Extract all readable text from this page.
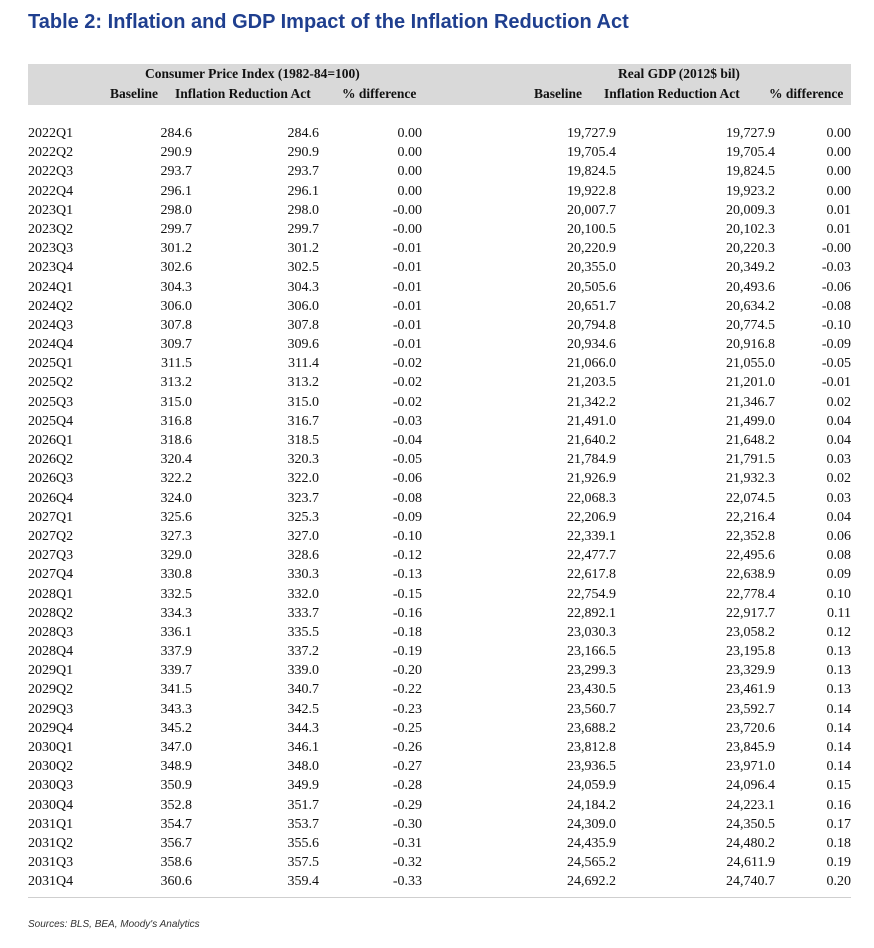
Table 2: Inflation and GDP Impact of the Inflation Reduction Act
Consumer Price Index (1982-84=100)	Real GDP (2012$ bil)
Baseline Inflation Reduction Act % difference	Baseline Inflation Reduction Act % difference
2022Q1	284.6	284.6	0.00	19,727.9	19,727.9	0.00
2022Q2	290.9	290.9	0.00	19,705.4	19,705.4	0.00
2022Q3	293.7	293.7	0.00	19,824.5	19,824.5	0.00
2022Q4	296.1	296.1	0.00	19,922.8	19,923.2	0.00
2023Q1	298.0	298.0	-0.00	20,007.7	20,009.3	0.01
2023Q2	299.7	299.7	-0.00	20,100.5	20,102.3	0.01
2023Q3	301.2	301.2	-0.01	20,220.9	20,220.3	-0.00
2023Q4	302.6	302.5	-0.01	20,355.0	20,349.2	-0.03
2024Q1	304.3	304.3	-0.01	20,505.6	20,493.6	-0.06
2024Q2	306.0	306.0	-0.01	20,651.7	20,634.2	-0.08
2024Q3	307.8	307.8	-0.01	20,794.8	20,774.5	-0.10
2024Q4	309.7	309.6	-0.01	20,934.6	20,916.8	-0.09
2025Q1	311.5	311.4	-0.02	21,066.0	21,055.0	-0.05
2025Q2	313.2	313.2	-0.02	21,203.5	21,201.0	-0.01
2025Q3	315.0	315.0	-0.02	21,342.2	21,346.7	0.02
2025Q4	316.8	316.7	-0.03	21,491.0	21,499.0	0.04
2026Q1	318.6	318.5	-0.04	21,640.2	21,648.2	0.04
2026Q2	320.4	320.3	-0.05	21,784.9	21,791.5	0.03
2026Q3	322.2	322.0	-0.06	21,926.9	21,932.3	0.02
2026Q4	324.0	323.7	-0.08	22,068.3	22,074.5	0.03
2027Q1	325.6	325.3	-0.09	22,206.9	22,216.4	0.04
2027Q2	327.3	327.0	-0.10	22,339.1	22,352.8	0.06
2027Q3	329.0	328.6	-0.12	22,477.7	22,495.6	0.08
2027Q4	330.8	330.3	-0.13	22,617.8	22,638.9	0.09
2028Q1	332.5	332.0	-0.15	22,754.9	22,778.4	0.10
2028Q2	334.3	333.7	-0.16	22,892.1	22,917.7	0.11
2028Q3	336.1	335.5	-0.18	23,030.3	23,058.2	0.12
2028Q4	337.9	337.2	-0.19	23,166.5	23,195.8	0.13
2029Q1	339.7	339.0	-0.20	23,299.3	23,329.9	0.13
2029Q2	341.5	340.7	-0.22	23,430.5	23,461.9	0.13
2029Q3	343.3	342.5	-0.23	23,560.7	23,592.7	0.14
2029Q4	345.2	344.3	-0.25	23,688.2	23,720.6	0.14
2030Q1	347.0	346.1	-0.26	23,812.8	23,845.9	0.14
2030Q2	348.9	348.0	-0.27	23,936.5	23,971.0	0.14
2030Q3	350.9	349.9	-0.28	24,059.9	24,096.4	0.15
2030Q4	352.8	351.7	-0.29	24,184.2	24,223.1	0.16
2031Q1	354.7	353.7	-0.30	24,309.0	24,350.5	0.17
2031Q2	356.7	355.6	-0.31	24,435.9	24,480.2	0.18
2031Q3	358.6	357.5	-0.32	24,565.2	24,611.9	0.19
2031Q4	360.6	359.4	-0.33	24,692.2	24,740.7	0.20
Sources: BLS, BEA, Moody's Analytics
